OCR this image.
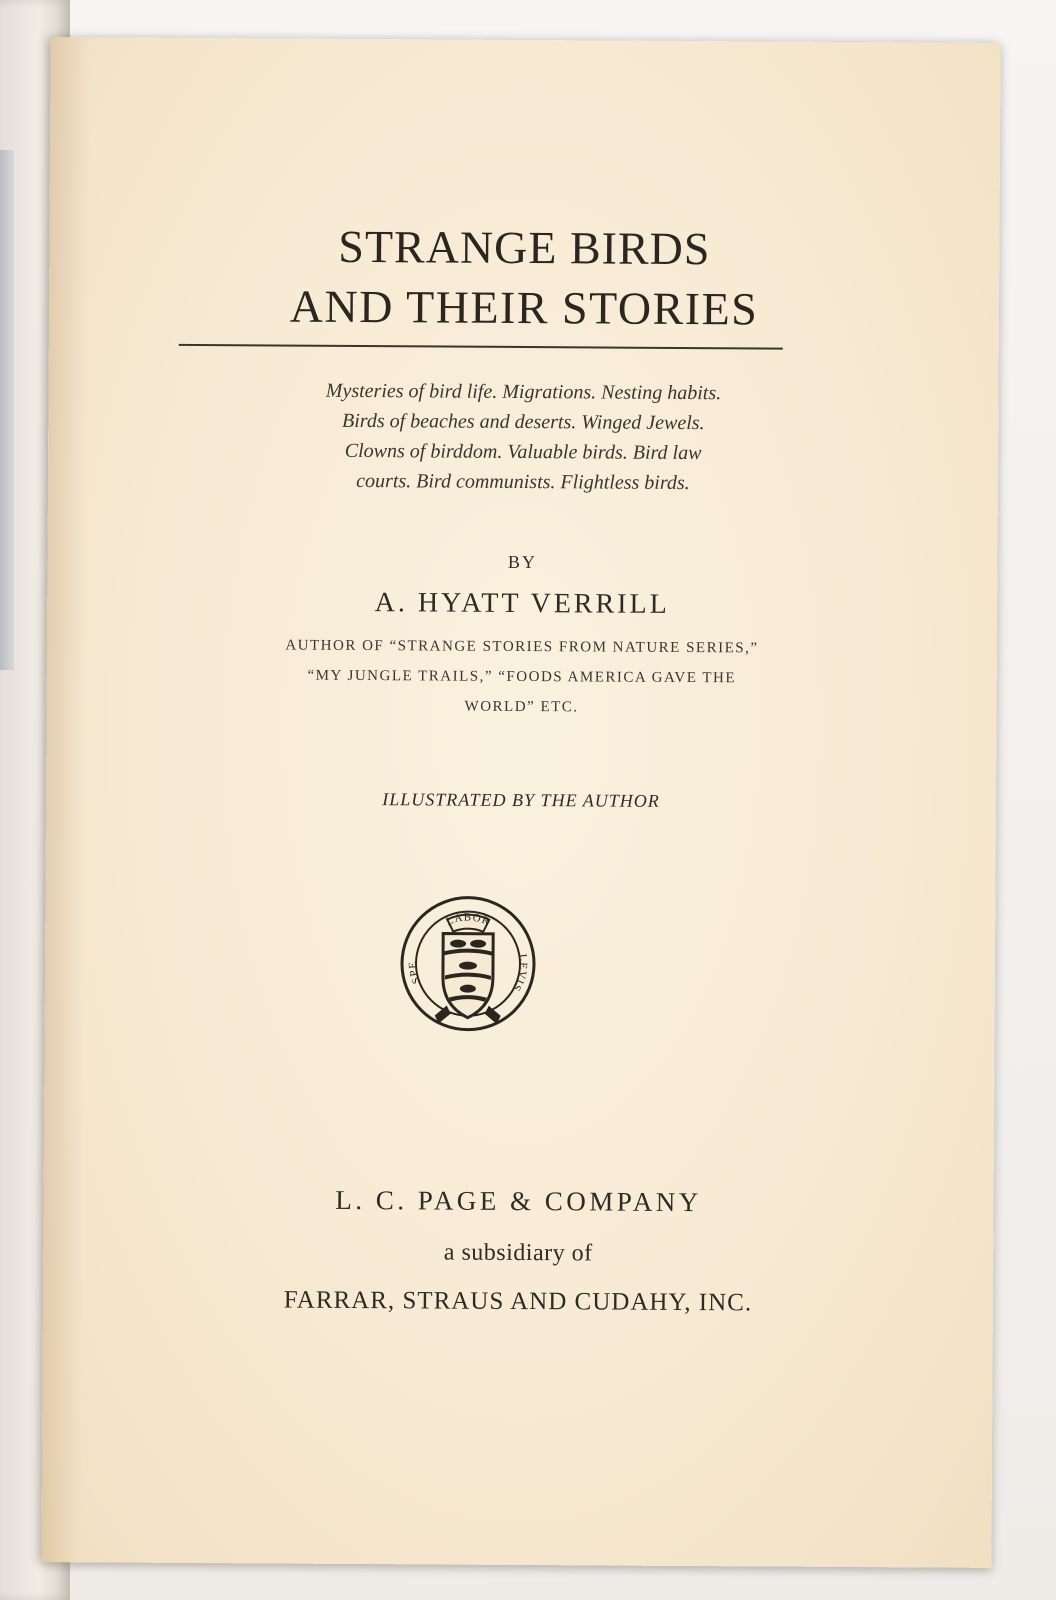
STRANGE BIRDS
AND THEIR STORIES
Mysteries of bird life. Migrations. Nesting habits.
Birds of beaches and deserts. Winged Jewels.
Clowns of birddom. Valuable birds. Bird law
courts. Bird communists. Flightless birds.
BY
A. HYATT VERRILL
AUTHOR OF “STRANGE STORIES FROM NATURE SERIES,”
“MY JUNGLE TRAILS,” “FOODS AMERICA GAVE THE
WORLD” ETC.
ILLUSTRATED BY THE AUTHOR
LABOR
SPE
LEVIS
L. C. PAGE & COMPANY
a subsidiary of
FARRAR, STRAUS AND CUDAHY, INC.
